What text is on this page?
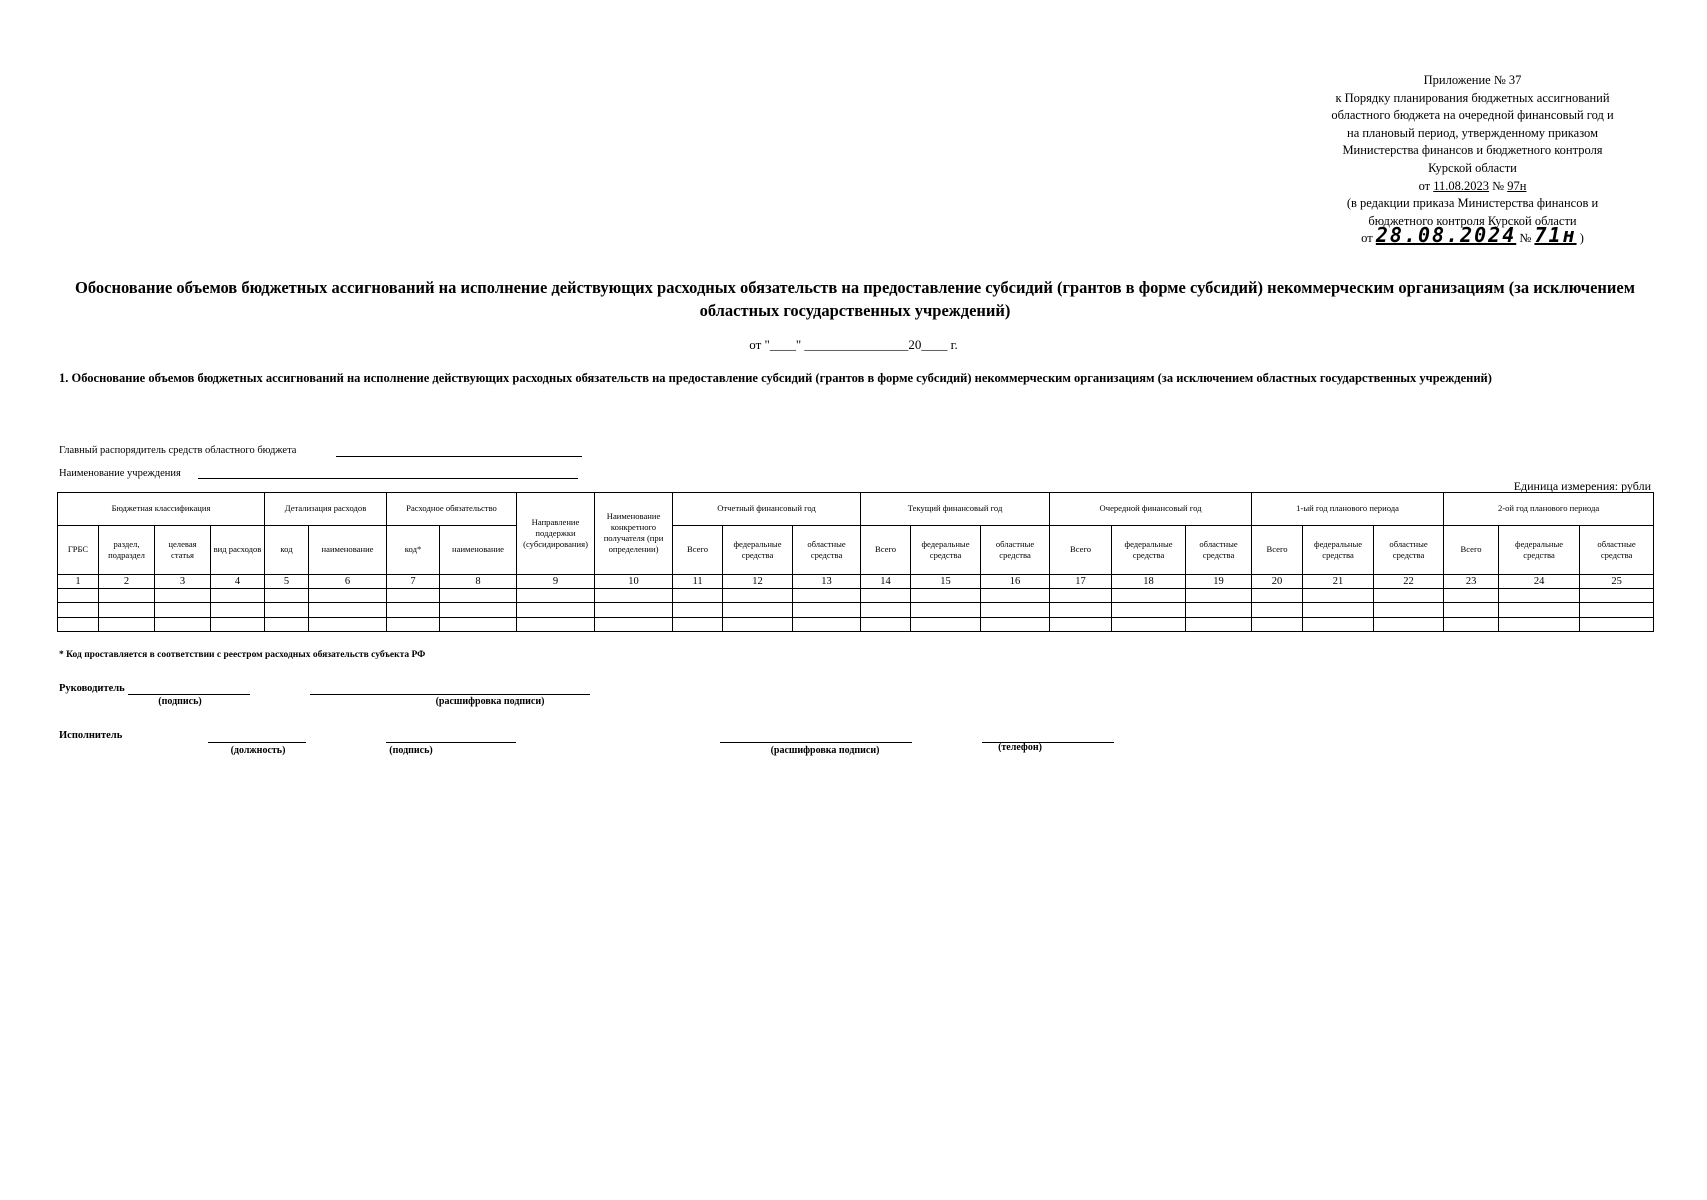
Приложение № 37
к Порядку планирования бюджетных ассигнований
областного бюджета на очередной финансовый год и
на плановый период, утвержденному приказом
Министерства финансов и бюджетного контроля
Курской области
от 11.08.2023 № 97н
(в редакции приказа Министерства финансов и
бюджетного контроля Курской области
от 28.08.2024 № 71н )
Обоснование объемов бюджетных ассигнований на исполнение действующих расходных обязательств на предоставление субсидий (грантов в форме субсидий) некоммерческим организациям (за исключением областных государственных учреждений)
от "____" ________________20____ г.
1. Обоснование объемов бюджетных ассигнований на исполнение действующих расходных обязательств на предоставление субсидий (грантов в форме субсидий) некоммерческим организациям (за исключением областных государственных учреждений)
Главный распорядитель средств областного бюджета
Наименование учреждения
Единица измерения: рубли
Бюджетная классификация				Детализация расходов		Расходное обязательство		Направление поддержки (субсидирования)	Наименование конкретного получателя (при определении)	Отчетный финансовый год			Текущий финансовый год			Очередной финансовый год			1-ый год планового периода			2-ой год планового периода		
ГРБС	раздел, подраздел	целевая статья	вид расходов	код	наименование	код*	наименование			Всего	федеральные средства	областные средства	Всего	федеральные средства	областные средства	Всего	федеральные средства	областные средства	Всего	федеральные средства	областные средства	Всего	федеральные средства	областные средства
1	2	3	4	5	6	7	8	9	10	11	12	13	14	15	16	17	18	19	20	21	22	23	24	25

* Код проставляется в соответствии с реестром расходных обязательств субъекта РФ
Руководитель
(подпись)	(расшифровка подписи)
Исполнитель
(должность)	(подпись)	(расшифровка подписи)	(телефон)
